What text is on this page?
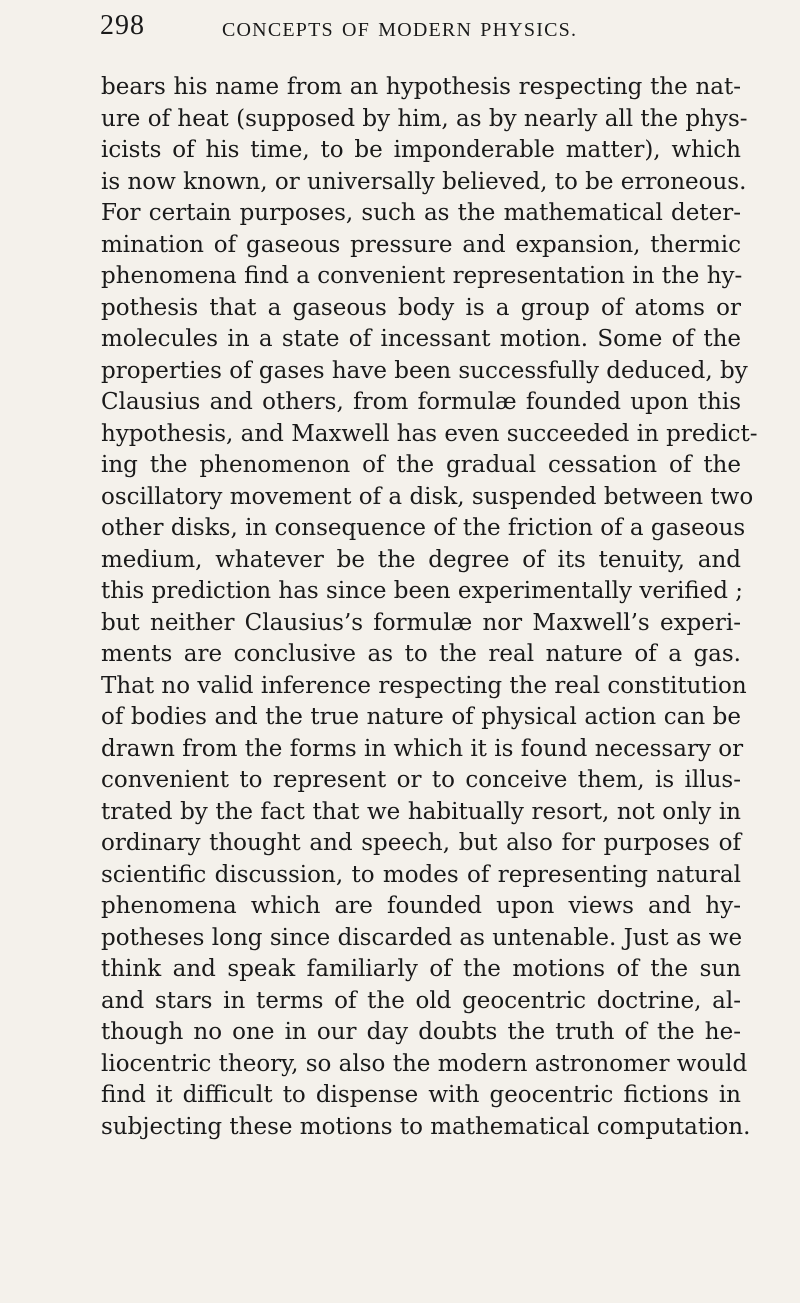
298	CONCEPTS OF MODERN PHYSICS.
bears his name from an hypothesis respecting the nat-
ure of heat (supposed by him, as by nearly all the phys-
icists of his time, to be imponderable matter), which
is now known, or universally believed, to be erroneous.
For certain purposes, such as the mathematical deter-
mination of gaseous pressure and expansion, thermic
phenomena find a convenient representation in the hy-
pothesis that a gaseous body is a group of atoms or
molecules in a state of incessant motion. Some of the
properties of gases have been successfully deduced, by
Clausius and others, from formulæ founded upon this
hypothesis, and Maxwell has even succeeded in predict-
ing the phenomenon of the gradual cessation of the
oscillatory movement of a disk, suspended between two
other disks, in consequence of the friction of a gaseous
medium, whatever be the degree of its tenuity, and
this prediction has since been experimentally verified ;
but neither Clausius’s formulæ nor Maxwell’s experi-
ments are conclusive as to the real nature of a gas.
That no valid inference respecting the real constitution
of bodies and the true nature of physical action can be
drawn from the forms in which it is found necessary or
convenient to represent or to conceive them, is illus-
trated by the fact that we habitually resort, not only in
ordinary thought and speech, but also for purposes of
scientific discussion, to modes of representing natural
phenomena which are founded upon views and hy-
potheses long since discarded as untenable. Just as we
think and speak familiarly of the motions of the sun
and stars in terms of the old geocentric doctrine, al-
though no one in our day doubts the truth of the he-
liocentric theory, so also the modern astronomer would
find it difficult to dispense with geocentric fictions in
subjecting these motions to mathematical computation.
